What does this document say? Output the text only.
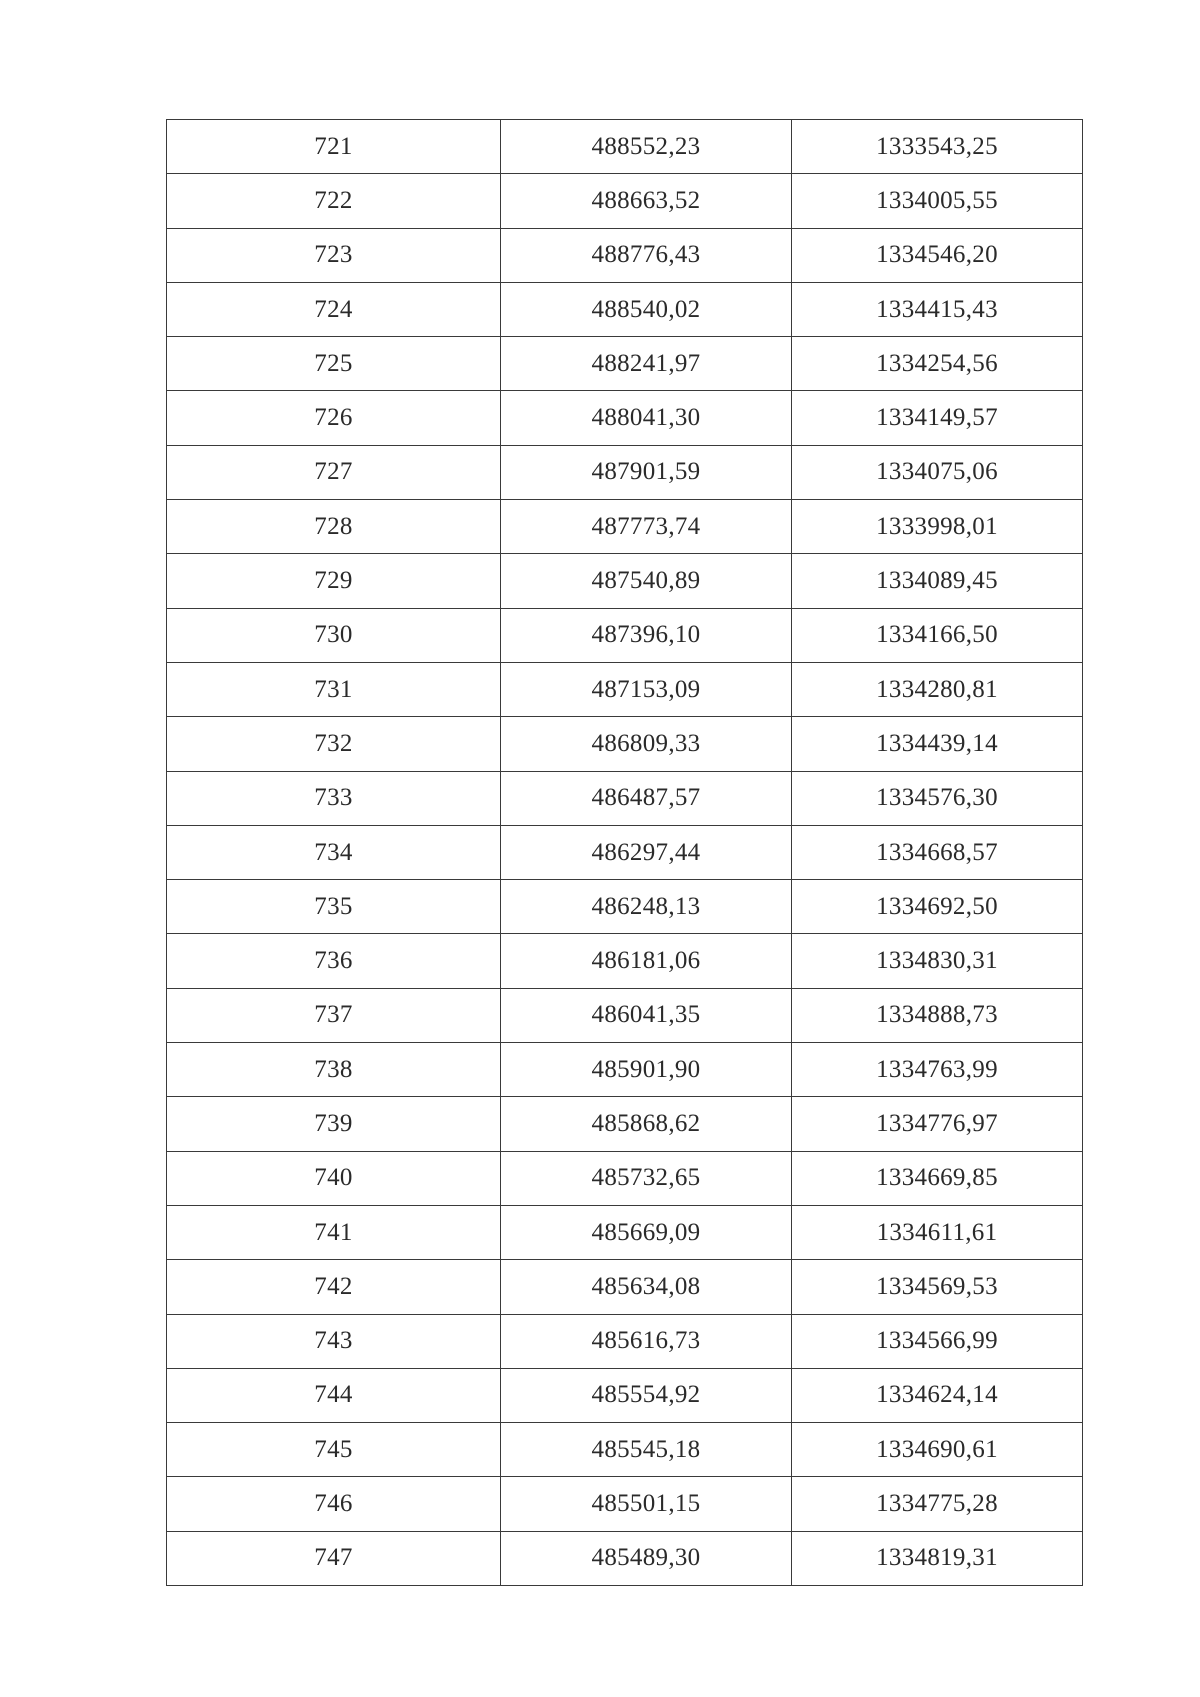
721	488552,23	1333543,25
722	488663,52	1334005,55
723	488776,43	1334546,20
724	488540,02	1334415,43
725	488241,97	1334254,56
726	488041,30	1334149,57
727	487901,59	1334075,06
728	487773,74	1333998,01
729	487540,89	1334089,45
730	487396,10	1334166,50
731	487153,09	1334280,81
732	486809,33	1334439,14
733	486487,57	1334576,30
734	486297,44	1334668,57
735	486248,13	1334692,50
736	486181,06	1334830,31
737	486041,35	1334888,73
738	485901,90	1334763,99
739	485868,62	1334776,97
740	485732,65	1334669,85
741	485669,09	1334611,61
742	485634,08	1334569,53
743	485616,73	1334566,99
744	485554,92	1334624,14
745	485545,18	1334690,61
746	485501,15	1334775,28
747	485489,30	1334819,31
